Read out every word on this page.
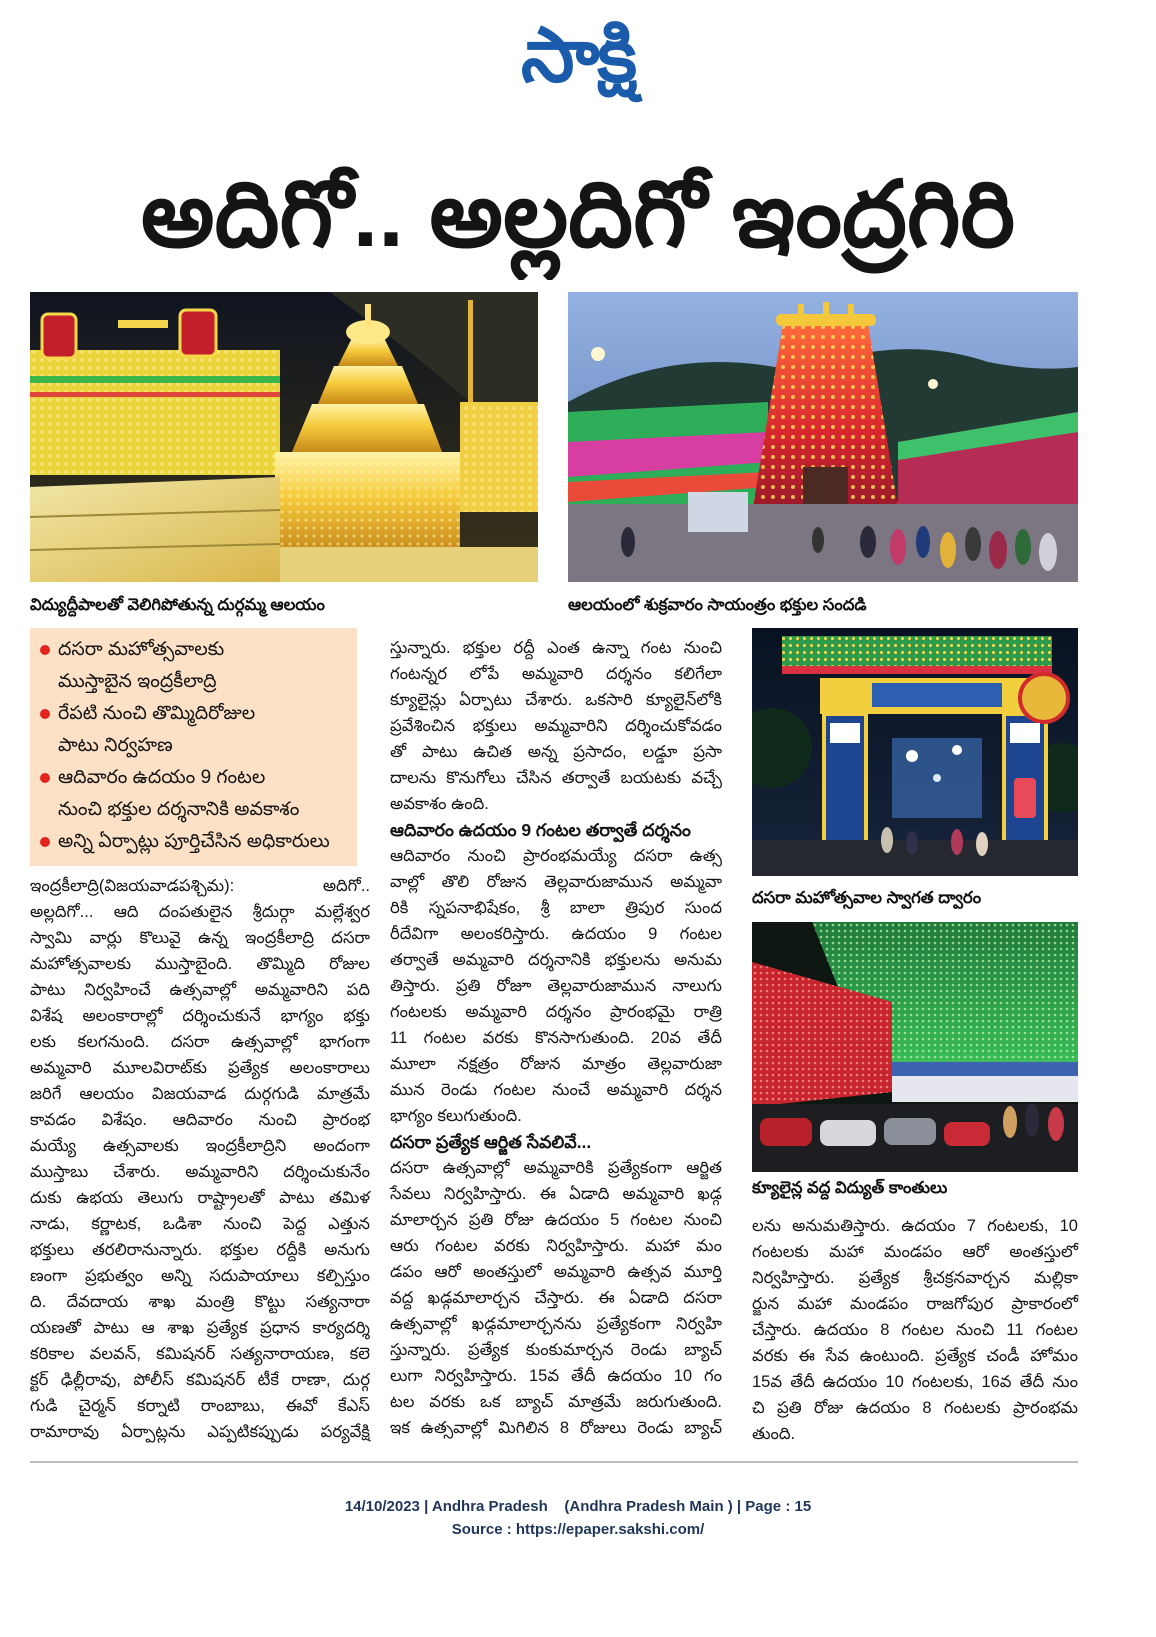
సాక్షి
అదిగో.. అల్లదిగో ఇంద్రగిరి
విద్యుద్దీపాలతో వెలిగిపోతున్న దుర్గమ్మ ఆలయం	ఆలయంలో శుక్రవారం సాయంత్రం భక్తుల సందడి
దసరా మహోత్సవాలకు
ముస్తాబైన ఇంద్రకీలాద్రి
రేపటి నుంచి తొమ్మిదిరోజుల
పాటు నిర్వహణ
ఆదివారం ఉదయం 9 గంటల
నుంచి భక్తుల దర్శనానికి అవకాశం
అన్ని ఏర్పాట్లు పూర్తిచేసిన అధికారులు
ఇంద్రకీలాద్రి(విజయవాడపశ్చిమ): అదిగో..
అల్లదిగో... ఆది దంపతులైన శ్రీదుర్గా మల్లేశ్వర
స్వామి వార్లు కొలువై ఉన్న ఇంద్రకీలాద్రి దసరా
మహోత్సవాలకు ముస్తాబైంది. తొమ్మిది రోజుల
పాటు నిర్వహించే ఉత్సవాల్లో అమ్మవారిని పది
విశేష అలంకారాల్లో దర్శించుకునే భాగ్యం భక్తు
లకు కలగనుంది. దసరా ఉత్సవాల్లో భాగంగా
అమ్మవారి మూలవిరాట్‌కు ప్రత్యేక అలంకారాలు
జరిగే ఆలయం విజయవాడ దుర్గగుడి మాత్రమే
కావడం విశేషం. ఆదివారం నుంచి ప్రారంభ
మయ్యే ఉత్సవాలకు ఇంద్రకీలాద్రిని అందంగా
ముస్తాబు చేశారు. అమ్మవారిని దర్శించుకునేం
దుకు ఉభయ తెలుగు రాష్ట్రాలతో పాటు తమిళ
నాడు, కర్ణాటక, ఒడిశా నుంచి పెద్ద ఎత్తున
భక్తులు తరలిరానున్నారు. భక్తుల రద్దీకి అనుగు
ణంగా ప్రభుత్వం అన్ని సదుపాయాలు కల్పిస్తుం
ది. దేవదాయ శాఖ మంత్రి కొట్టు సత్యనారా
యణతో పాటు ఆ శాఖ ప్రత్యేక ప్రధాన కార్యదర్శి
కరికాల వలవన్, కమిషనర్ సత్యనారాయణ, కలె
క్టర్ ఢిల్లీరావు, పోలీస్ కమిషనర్ టీకే రాణా, దుర్గ
గుడి చైర్మన్ కర్నాటి రాంబాబు, ఈవో కేఎస్
రామారావు ఏర్పాట్లను ఎప్పటికప్పుడు పర్యవేక్షి
స్తున్నారు. భక్తుల రద్దీ ఎంత ఉన్నా గంట నుంచి
గంటన్నర లోపే అమ్మవారి దర్శనం కలిగేలా
క్యూలైన్లు ఏర్పాటు చేశారు. ఒకసారి క్యూలైన్‌లోకి
ప్రవేశించిన భక్తులు అమ్మవారిని దర్శించుకోవడం
తో పాటు ఉచిత అన్న ప్రసాదం, లడ్డూ ప్రసా
దాలను కొనుగోలు చేసిన తర్వాతే బయటకు వచ్చే
అవకాశం ఉంది.
ఆదివారం ఉదయం 9 గంటల తర్వాతే దర్శనం
ఆదివారం నుంచి ప్రారంభమయ్యే దసరా ఉత్స
వాల్లో తొలి రోజున తెల్లవారుజామున అమ్మవా
రికి స్నపనాభిషేకం, శ్రీ బాలా త్రిపుర సుంద
రీదేవిగా అలంకరిస్తారు. ఉదయం 9 గంటల
తర్వాతే అమ్మవారి దర్శనానికి భక్తులను అనుమ
తిస్తారు. ప్రతి రోజూ తెల్లవారుజామున నాలుగు
గంటలకు అమ్మవారి దర్శనం ప్రారంభమై రాత్రి
11 గంటల వరకు కొనసాగుతుంది. 20వ తేదీ
మూలా నక్షత్రం రోజున మాత్రం తెల్లవారుజా
మున రెండు గంటల నుంచే అమ్మవారి దర్శన
భాగ్యం కలుగుతుంది.
దసరా ప్రత్యేక ఆర్జిత సేవలివే...
దసరా ఉత్సవాల్లో అమ్మవారికి ప్రత్యేకంగా ఆర్జిత
సేవలు నిర్వహిస్తారు. ఈ ఏడాది అమ్మవారి ఖడ్గ
మాలార్చన ప్రతి రోజు ఉదయం 5 గంటల నుంచి
ఆరు గంటల వరకు నిర్వహిస్తారు. మహా మం
డపం ఆరో అంతస్తులో అమ్మవారి ఉత్సవ మూర్తి
వద్ద ఖడ్గమాలార్చన చేస్తారు. ఈ ఏడాది దసరా
ఉత్సవాల్లో ఖడ్గమాలార్చనను ప్రత్యేకంగా నిర్వహి
స్తున్నారు. ప్రత్యేక కుంకుమార్చన రెండు బ్యాచ్
లుగా నిర్వహిస్తారు. 15వ తేదీ ఉదయం 10 గం
టల వరకు ఒక బ్యాచ్ మాత్రమే జరుగుతుంది.
ఇక ఉత్సవాల్లో మిగిలిన 8 రోజులు రెండు బ్యాచ్
దసరా మహోత్సవాల స్వాగత ద్వారం
క్యూలైన్ల వద్ద విద్యుత్ కాంతులు
లను అనుమతిస్తారు. ఉదయం 7 గంటలకు, 10
గంటలకు మహా మండపం ఆరో అంతస్తులో
నిర్వహిస్తారు. ప్రత్యేక శ్రీచక్రనవార్చన మల్లికా
ర్జున మహా మండపం రాజగోపుర ప్రాకారంలో
చేస్తారు. ఉదయం 8 గంటల నుంచి 11 గంటల
వరకు ఈ సేవ ఉంటుంది. ప్రత్యేక చండీ హోమం
15వ తేదీ ఉదయం 10 గంటలకు, 16వ తేదీ నుం
చి ప్రతి రోజు ఉదయం 8 గంటలకు ప్రారంభమ
తుంది.
14/10/2023 | Andhra Pradesh    (Andhra Pradesh Main ) | Page : 15
Source : https://epaper.sakshi.com/
